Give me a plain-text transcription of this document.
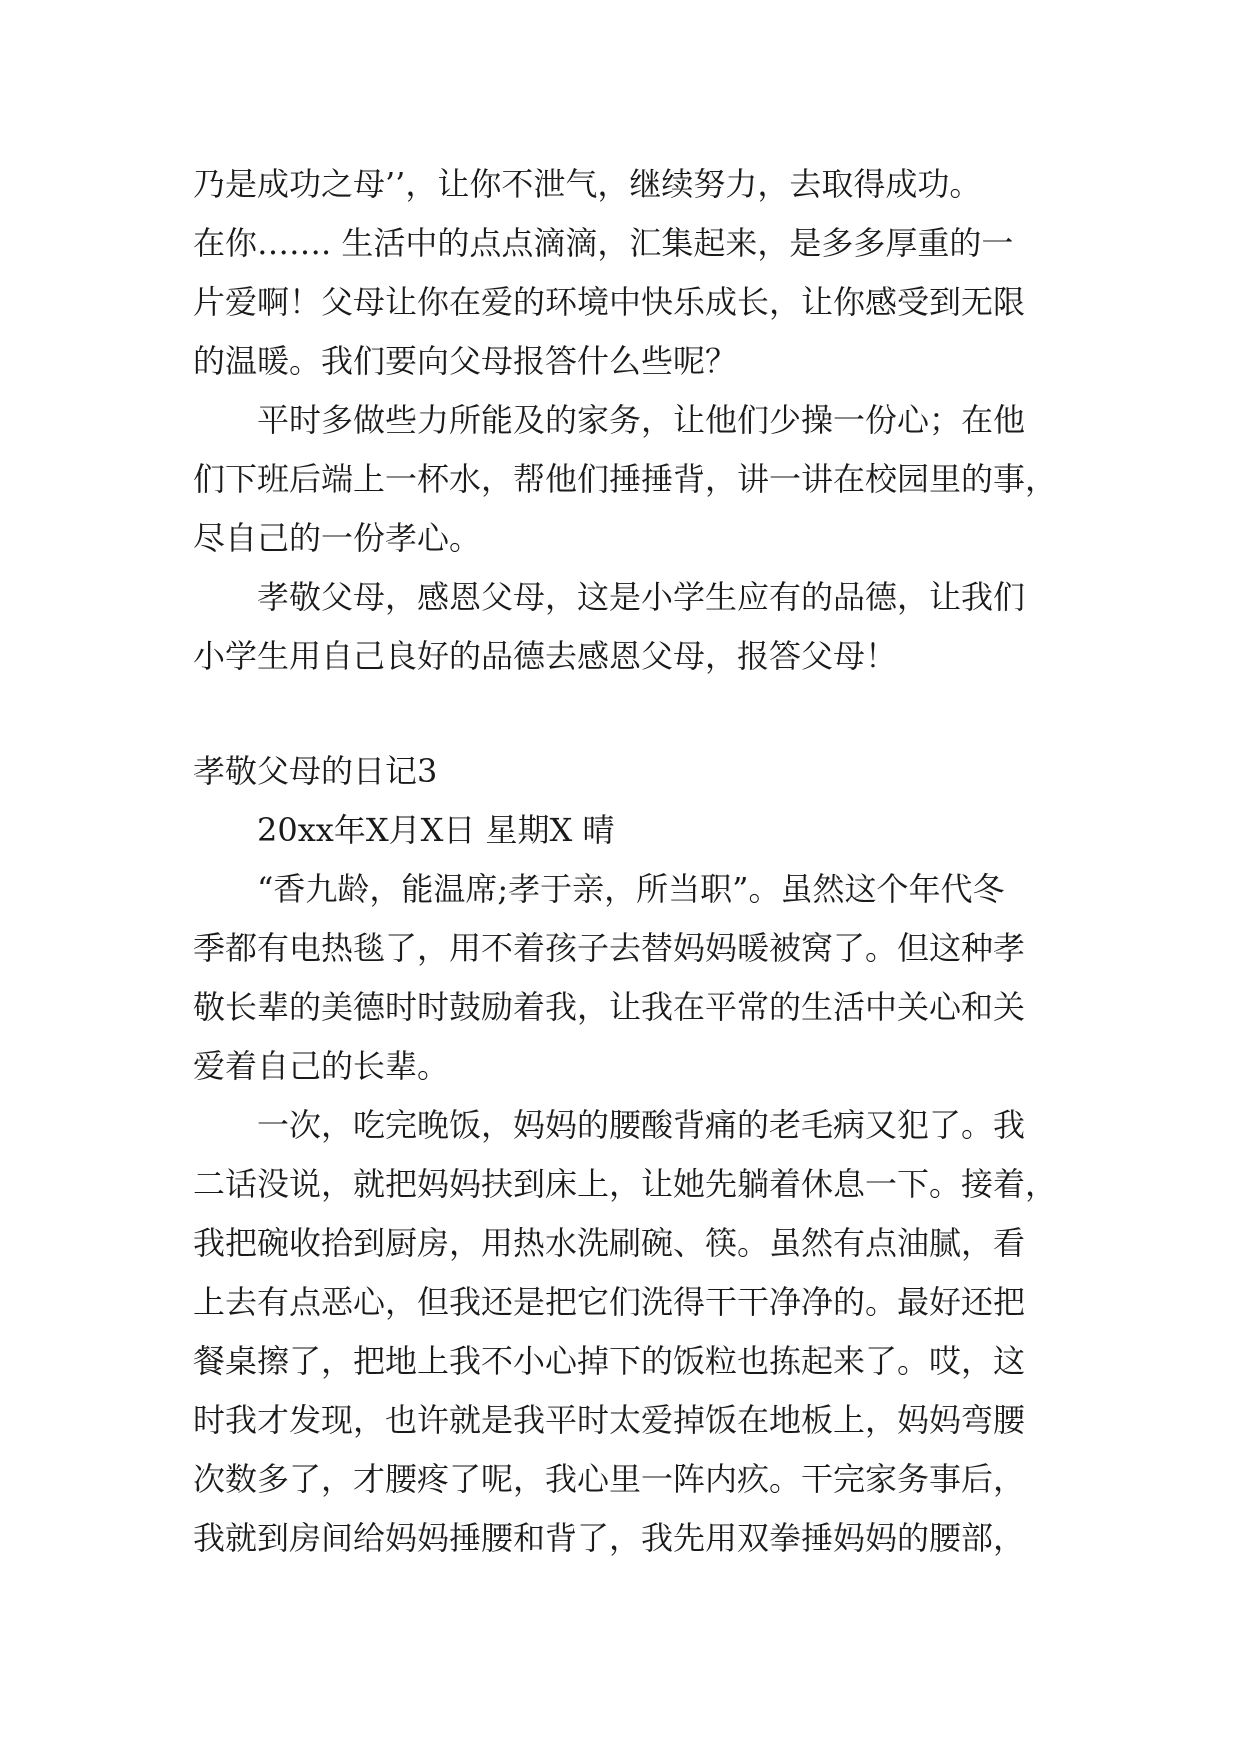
乃是成功之母’’，让你不泄气，继续努力，去取得成功。
在你……. 生活中的点点滴滴，汇集起来，是多多厚重的一
片爱啊！父母让你在爱的环境中快乐成长，让你感受到无限
的温暖。我们要向父母报答什么些呢？
平时多做些力所能及的家务，让他们少操一份心；在他
们下班后端上一杯水，帮他们捶捶背，讲一讲在校园里的事，
尽自己的一份孝心。
孝敬父母，感恩父母，这是小学生应有的品德，让我们
小学生用自己良好的品德去感恩父母，报答父母！
孝敬父母的日记3
20xx年X月X日 星期X 晴
“香九龄，能温席;孝于亲，所当职”。虽然这个年代冬
季都有电热毯了，用不着孩子去替妈妈暖被窝了。但这种孝
敬长辈的美德时时鼓励着我，让我在平常的生活中关心和关
爱着自己的长辈。
一次，吃完晚饭，妈妈的腰酸背痛的老毛病又犯了。我
二话没说，就把妈妈扶到床上，让她先躺着休息一下。接着，
我把碗收拾到厨房，用热水洗刷碗、筷。虽然有点油腻，看
上去有点恶心，但我还是把它们洗得干干净净的。最好还把
餐桌擦了，把地上我不小心掉下的饭粒也拣起来了。哎，这
时我才发现，也许就是我平时太爱掉饭在地板上，妈妈弯腰
次数多了，才腰疼了呢，我心里一阵内疚。干完家务事后，
我就到房间给妈妈捶腰和背了，我先用双拳捶妈妈的腰部，
